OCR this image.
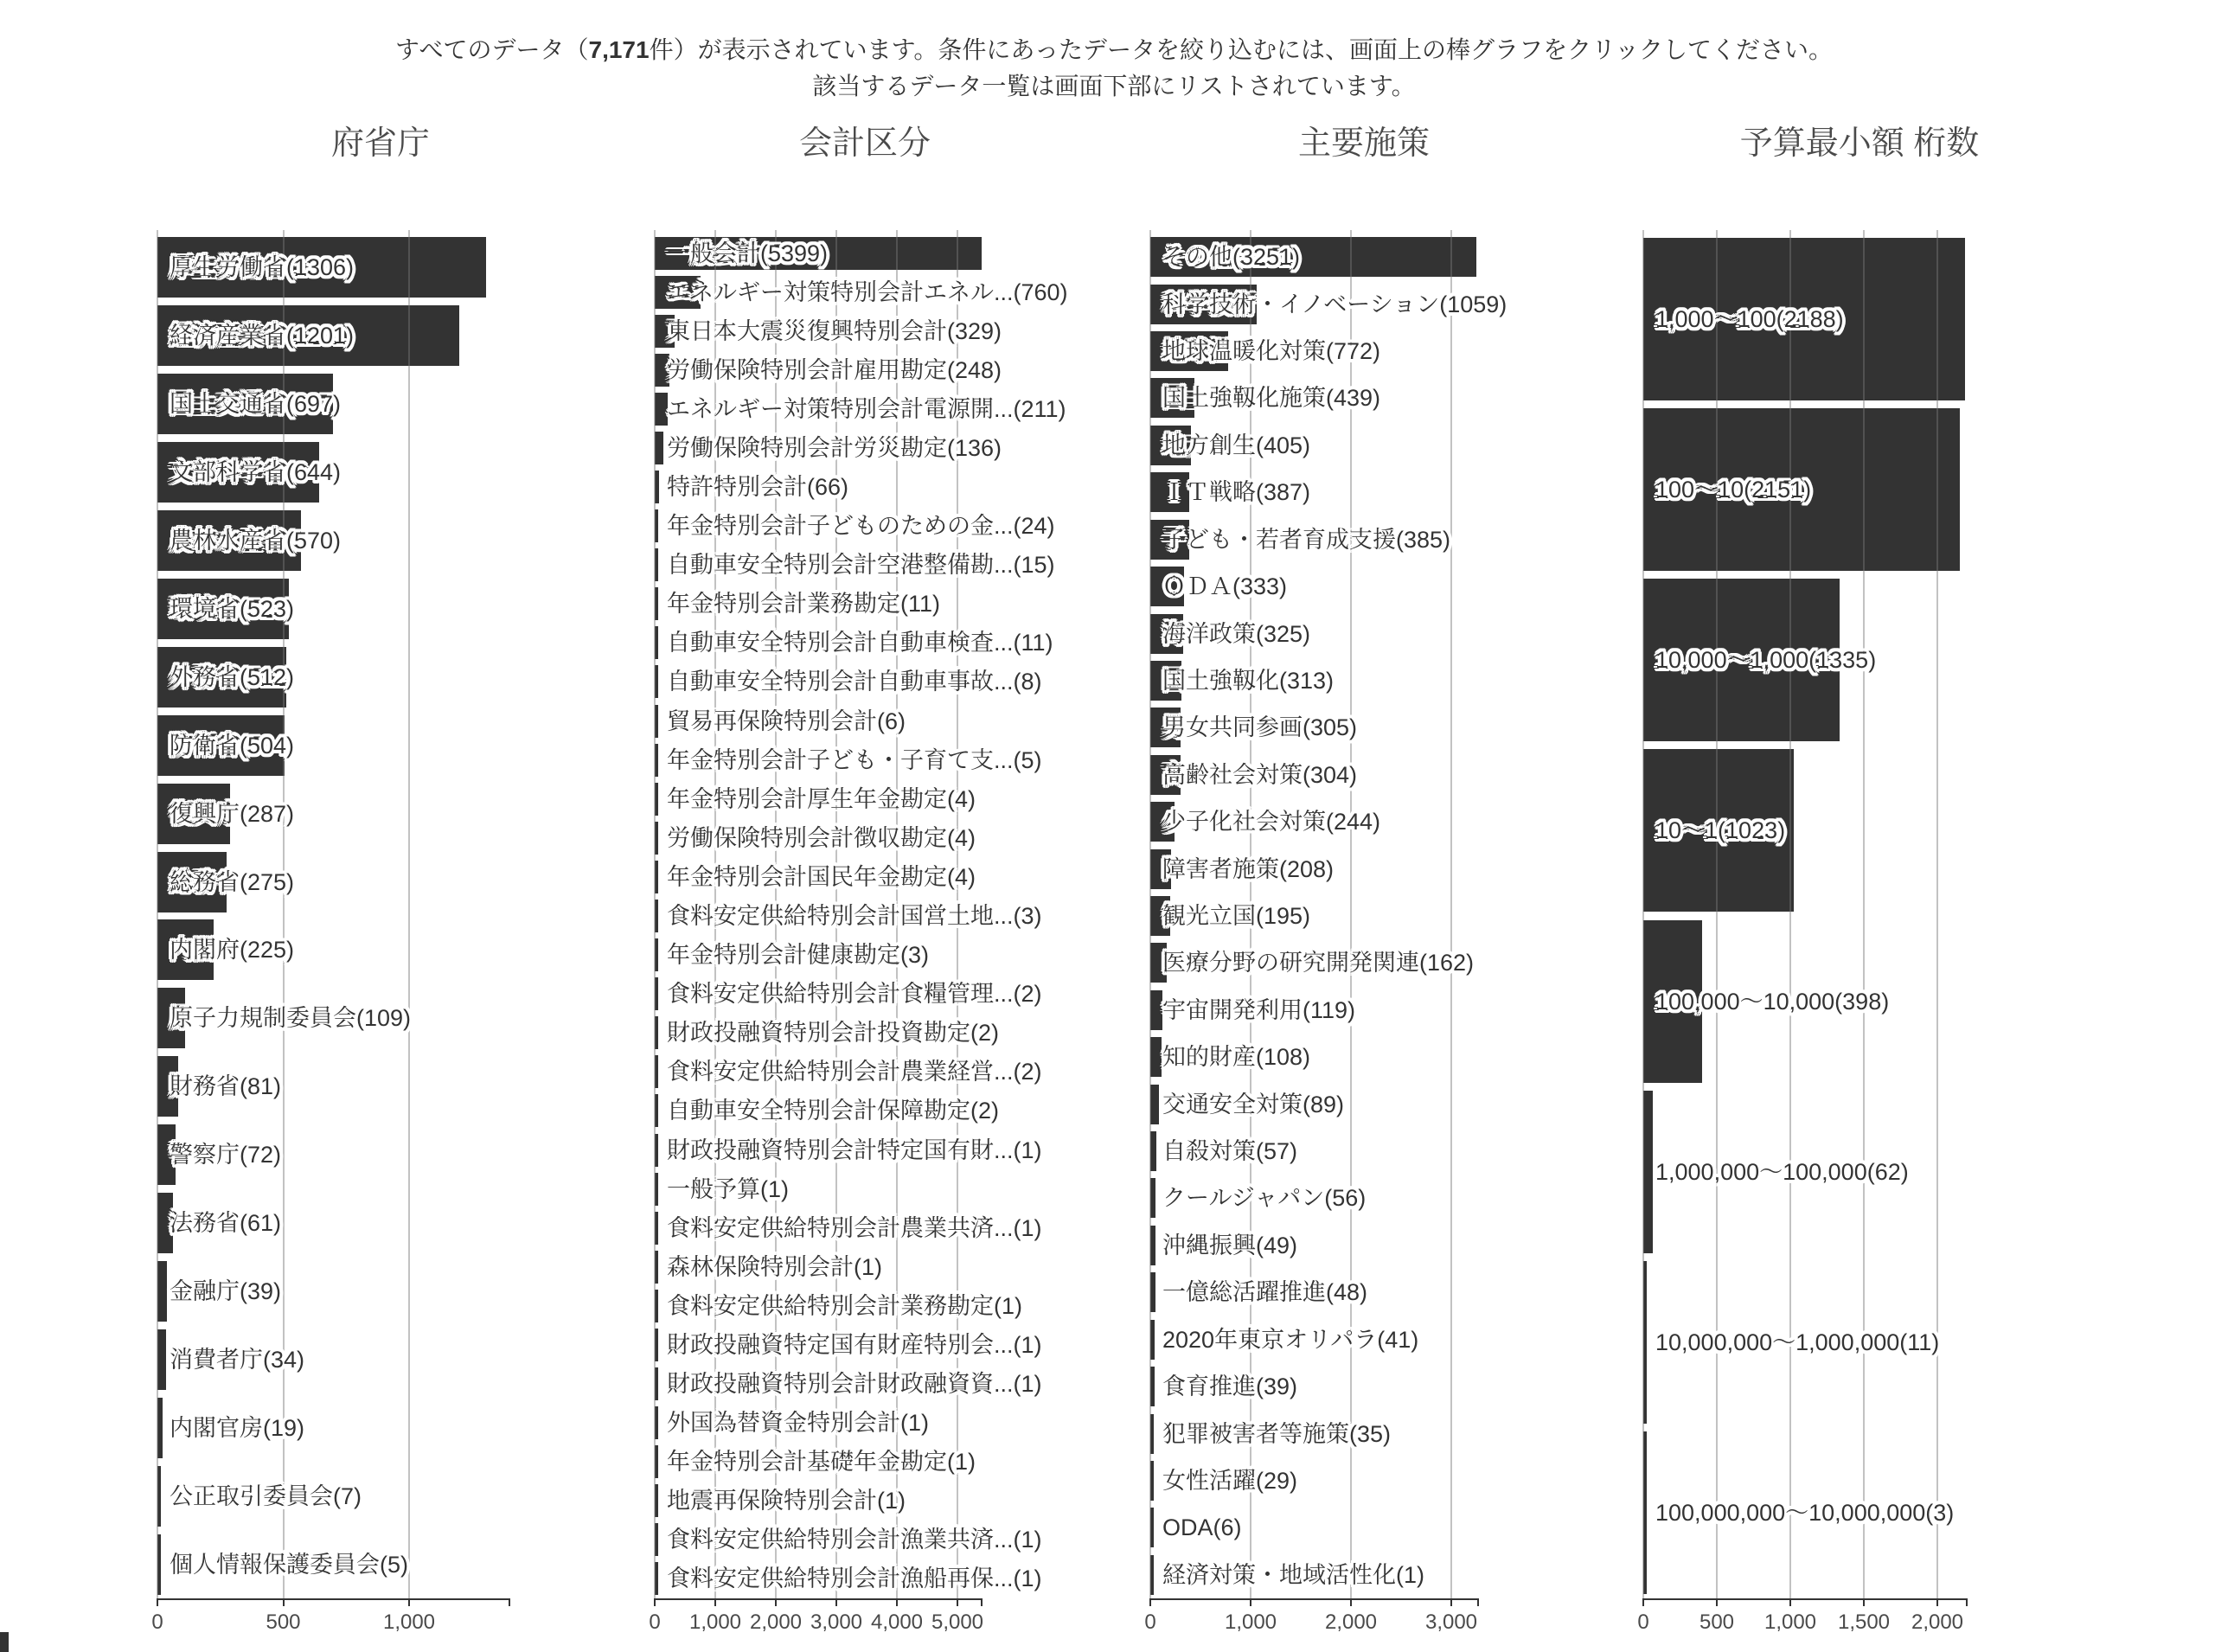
すべてのデータ（7,171件）が表示されています。条件にあったデータを絞り込むには、画面上の棒グラフをクリックしてください。

該当するデータ一覧は画面下部にリストされています。

府省庁
厚生労働省(1306)
経済産業省(1201)
国土交通省(697)
文部科学省(644)
農林水産省(570)
環境省(523)
外務省(512)
防衛省(504)
復興庁(287)
総務省(275)
内閣府(225)
原子力規制委員会(109)
財務省(81)
警察庁(72)
法務省(61)
金融庁(39)
消費者庁(34)
内閣官房(19)
公正取引委員会(7)
個人情報保護委員会(5)
0	500	1,000
会計区分
一般会計(5399)
エネルギー対策特別会計エネル...(760)
東日本大震災復興特別会計(329)
労働保険特別会計雇用勘定(248)
エネルギー対策特別会計電源開...(211)
労働保険特別会計労災勘定(136)
特許特別会計(66)
年金特別会計子どものための金...(24)
自動車安全特別会計空港整備勘...(15)
年金特別会計業務勘定(11)
自動車安全特別会計自動車検査...(11)
自動車安全特別会計自動車事故...(8)
貿易再保険特別会計(6)
年金特別会計子ども・子育て支...(5)
年金特別会計厚生年金勘定(4)
労働保険特別会計徴収勘定(4)
年金特別会計国民年金勘定(4)
食料安定供給特別会計国営土地...(3)
年金特別会計健康勘定(3)
食料安定供給特別会計食糧管理...(2)
財政投融資特別会計投資勘定(2)
食料安定供給特別会計農業経営...(2)
自動車安全特別会計保障勘定(2)
財政投融資特別会計特定国有財...(1)
一般予算(1)
食料安定供給特別会計農業共済...(1)
森林保険特別会計(1)
食料安定供給特別会計業務勘定(1)
財政投融資特定国有財産特別会...(1)
財政投融資特別会計財政融資資...(1)
外国為替資金特別会計(1)
年金特別会計基礎年金勘定(1)
地震再保険特別会計(1)
食料安定供給特別会計漁業共済...(1)
食料安定供給特別会計漁船再保...(1)
0 1,000 2,000 3,000 4,000 5,000
主要施策
その他(3251)
科学技術・イノベーション(1059)
地球温暖化対策(772)
国土強靱化施策(439)
地方創生(405)
ＩＴ戦略(387)
子ども・若者育成支援(385)
ＯＤＡ(333)
海洋政策(325)
国土強靱化(313)
男女共同参画(305)
高齢社会対策(304)
少子化社会対策(244)
障害者施策(208)
観光立国(195)
医療分野の研究開発関連(162)
宇宙開発利用(119)
知的財産(108)
交通安全対策(89)
自殺対策(57)
クールジャパン(56)
沖縄振興(49)
一億総活躍推進(48)
2020年東京オリパラ(41)
食育推進(39)
犯罪被害者等施策(35)
女性活躍(29)
ODA(6)
経済対策・地域活性化(1)
0	1,000 2,000 3,000
予算最小額 桁数
1,000〜100(2188)
100〜10(2151)
10,000〜1,000(1335)
10〜1(1023)
100,000〜10,000(398)
1,000,000〜100,000(62)
10,000,000〜1,000,000(11)
100,000,000〜10,000,000(3)
0 500 1,000 1,500 2,000
